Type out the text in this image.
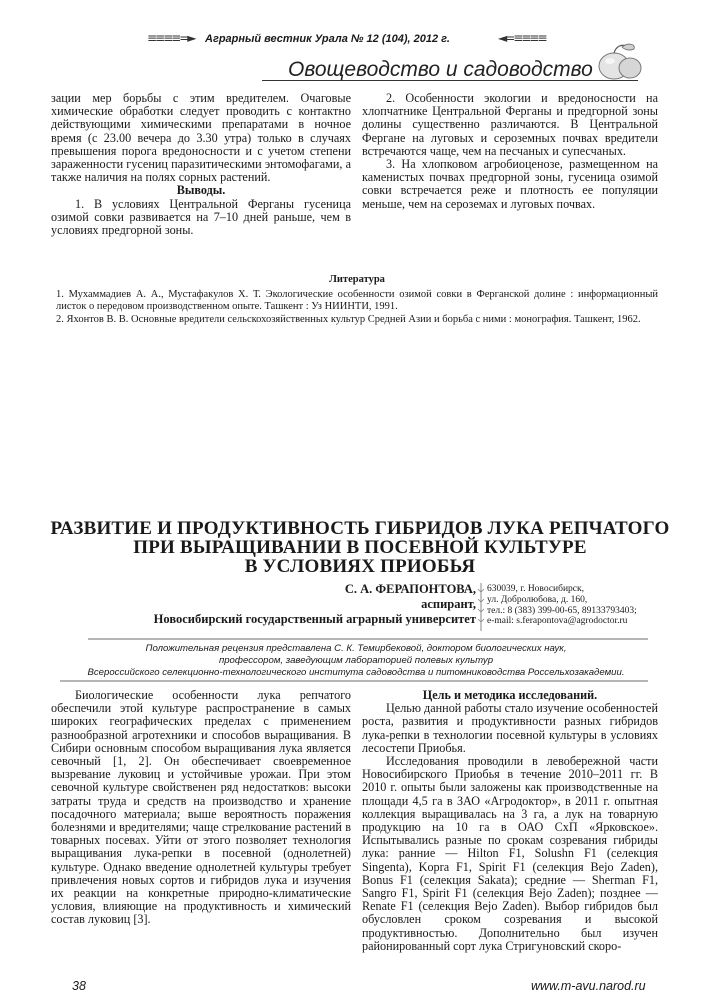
≡≡≡≡=► Аграрный вестник Урала № 12 (104), 2012 г.	◄=≡≡≡≡
Овощеводство и садоводство

зации мер борьбы с этим вредителем. Очаговые химические обработки следует проводить с контактно действующими химическими препаратами в ночное время (с 23.00 вечера до 3.30 утра) только в случаях превышения порога вредоносности и с учетом степени зараженности гусениц паразитическими энтомофагами, а также наличия на полях сорных растений.

Выводы.

1. В условиях Центральной Ферганы гусеница озимой совки развивается на 7–10 дней раньше, чем в условиях предгорной зоны.

2. Особенности экологии и вредоносности на хлопчатнике Центральной Ферганы и предгорной зоны долины существенно различаются. В Центральной Фергане на луговых и сероземных почвах вредители встречаются чаще, чем на песчаных и супесчаных.

3. На хлопковом агробиоценозе, размещенном на каменистых почвах предгорной зоны, гусеница озимой совки встречается реже и плотность ее популяции меньше, чем на сероземах и луговых почвах.

Литература

1. Мухаммадиев А. А., Мустафакулов Х. Т. Экологические особенности озимой совки в Ферганской долине : информационный листок о передовом производственном опыте. Ташкент : Уз НИИНТИ, 1991.

2. Яхонтов В. В. Основные вредители сельскохозяйственных культур Средней Азии и борьба с ними : монография. Ташкент, 1962.

РАЗВИТИЕ И ПРОДУКТИВНОСТЬ ГИБРИДОВ ЛУКА РЕПЧАТОГО
ПРИ ВЫРАЩИВАНИИ В ПОСЕВНОЙ КУЛЬТУРЕ
В УСЛОВИЯХ ПРИОБЬЯ
С. А. ФЕРАПОНТОВА,
аспирант,
Новосибирский государственный аграрный университет
630039, г. Новосибирск,
ул. Добролюбова, д. 160,
тел.: 8 (383) 399-00-65, 89133793403;
e-mail: s.ferapontova@agrodoctor.ru
Положительная рецензия представлена С. К. Темирбековой, доктором биологических наук,
профессором, заведующим лабораторией полевых культур
Всероссийского селекционно-технологического института садоводства и питомниководства Россельхозакадемии.

Биологические особенности лука репчатого обеспечили этой культуре распространение в самых широких географических пределах с применением разнообразной агротехники и способов выращивания. В Сибири основным способом выращивания лука является севочный [1, 2]. Он обеспечивает своевременное вызревание луковиц и устойчивые урожаи. При этом севочной культуре свойственен ряд недостатков: высоки затраты труда и средств на производство и хранение посадочного материала; выше вероятность поражения болезнями и вредителями; чаще стрелкование растений в товарных посевах. Уйти от этого позволяет технология выращивания лука-репки в посевной (однолетней) культуре. Однако введение однолетней культуры требует привлечения новых сортов и гибридов лука и изучения их реакции на конкретные природно-климатические условия, влияющие на продуктивность и химический состав луковиц [3].

Цель и методика исследований.

Целью данной работы стало изучение особенностей роста, развития и продуктивности разных гибридов лука-репки в технологии посевной культуры в условиях лесостепи Приобья.

Исследования проводили в левобережной части Новосибирского Приобья в течение 2010–2011 гг. В 2010 г. опыты были заложены как производственные на площади 4,5 га в ЗАО «Агродоктор», в 2011 г. опытная коллекция выращивалась на 3 га, а лук на товарную продукцию на 10 га в ОАО СхП «Ярковское». Испытывались разные по срокам созревания гибриды лука: ранние — Hilton F1, Solushn F1 (селекция Singenta), Kopra F1, Spirit F1 (селекция Bejo Zaden), Bonus F1 (селекция Sakata); средние — Sherman F1, Sangro F1, Spirit F1 (селекция Bejo Zaden); позднее — Renate F1 (селекция Bejo Zaden). Выбор гибридов был обусловлен сроком созревания и высокой продуктивностью. Дополнительно был изучен районированный сорт лука Стригуновский скоро-

38	www.m-avu.narod.ru
